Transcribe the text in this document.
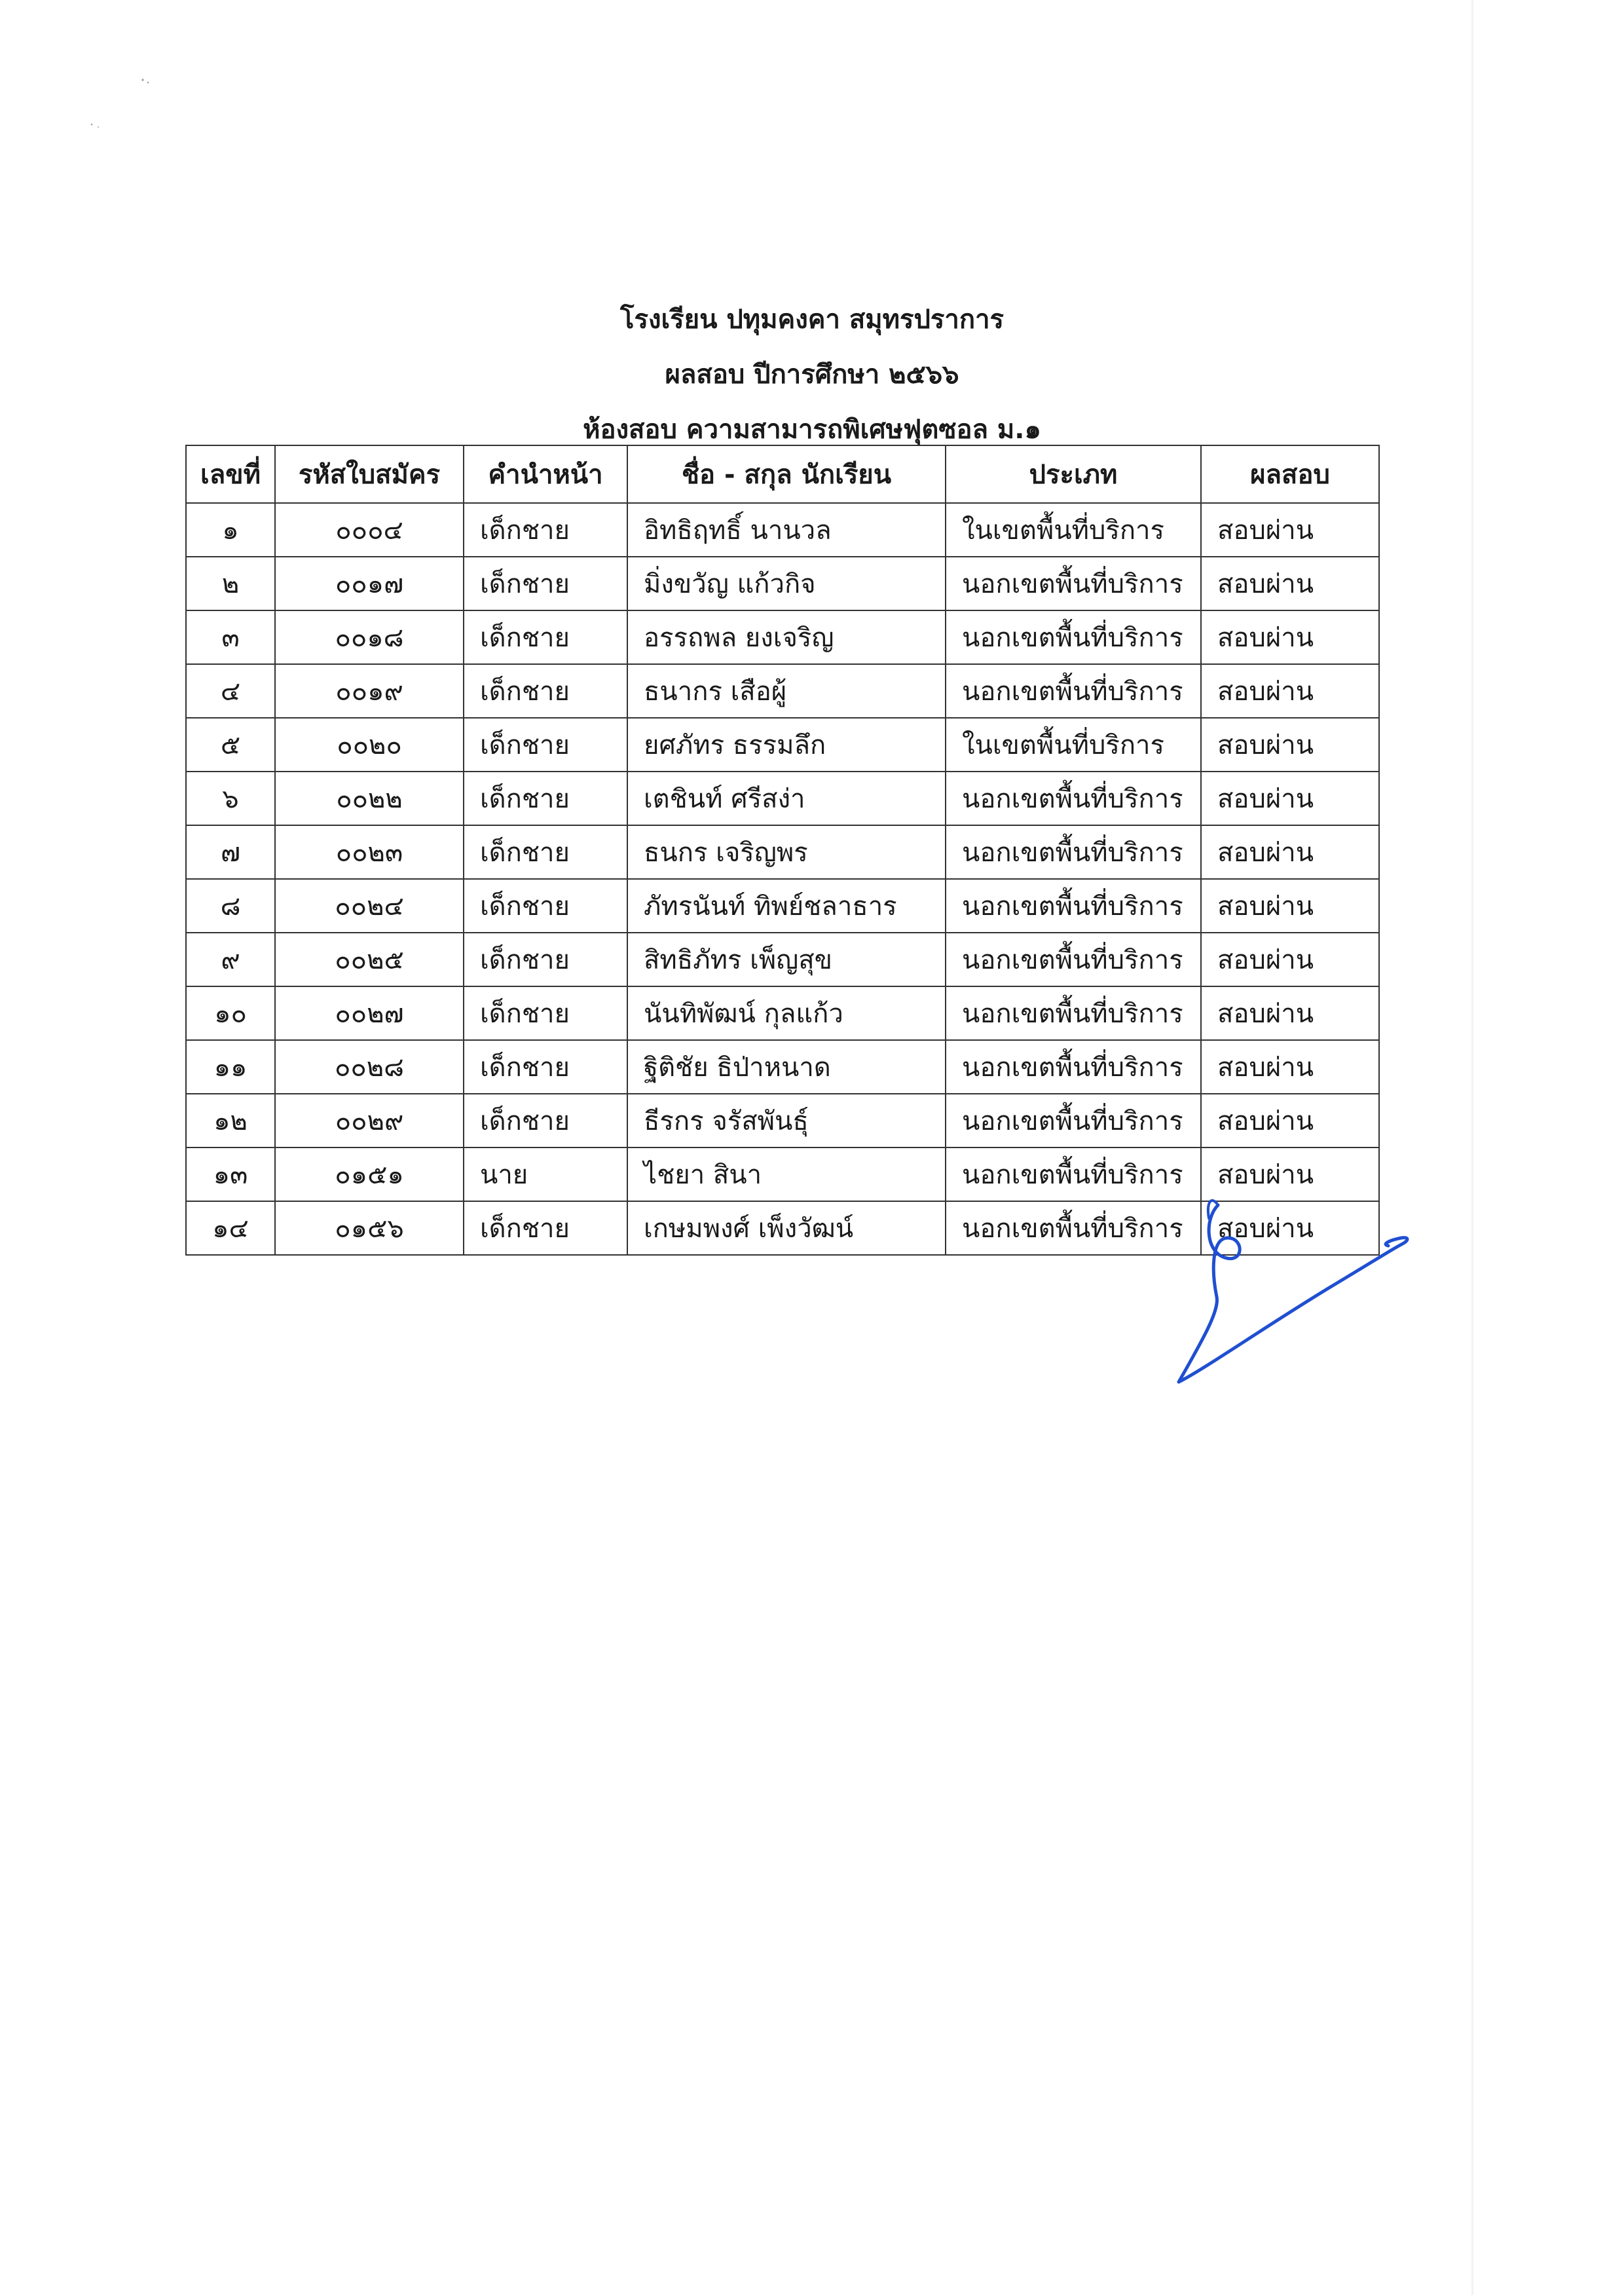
โรงเรียน ปทุมคงคา สมุทรปราการ
ผลสอบ ปีการศึกษา ๒๕๖๖
ห้องสอบ ความสามารถพิเศษฟุตซอล ม.๑
เลขที่	รหัสใบสมัคร	คำนำหน้า	ชื่อ - สกุล นักเรียน	ประเภท	ผลสอบ
๑	๐๐๐๔	เด็กชาย	อิทธิฤทธิ์ นานวล	ในเขตพื้นที่บริการ	สอบผ่าน
๒	๐๐๑๗	เด็กชาย	มิ่งขวัญ แก้วกิจ	นอกเขตพื้นที่บริการ	สอบผ่าน
๓	๐๐๑๘	เด็กชาย	อรรถพล ยงเจริญ	นอกเขตพื้นที่บริการ	สอบผ่าน
๔	๐๐๑๙	เด็กชาย	ธนากร เสือผู้	นอกเขตพื้นที่บริการ	สอบผ่าน
๕	๐๐๒๐	เด็กชาย	ยศภัทร ธรรมลึก	ในเขตพื้นที่บริการ	สอบผ่าน
๖	๐๐๒๒	เด็กชาย	เตชินท์ ศรีสง่า	นอกเขตพื้นที่บริการ	สอบผ่าน
๗	๐๐๒๓	เด็กชาย	ธนกร เจริญพร	นอกเขตพื้นที่บริการ	สอบผ่าน
๘	๐๐๒๔	เด็กชาย	ภัทรนันท์ ทิพย์ชลาธาร	นอกเขตพื้นที่บริการ	สอบผ่าน
๙	๐๐๒๕	เด็กชาย	สิทธิภัทร เพ็ญสุข	นอกเขตพื้นที่บริการ	สอบผ่าน
๑๐	๐๐๒๗	เด็กชาย	นันทิพัฒน์ กุลแก้ว	นอกเขตพื้นที่บริการ	สอบผ่าน
๑๑	๐๐๒๘	เด็กชาย	ฐิติชัย ธิป่าหนาด	นอกเขตพื้นที่บริการ	สอบผ่าน
๑๒	๐๐๒๙	เด็กชาย	ธีรกร จรัสพันธุ์	นอกเขตพื้นที่บริการ	สอบผ่าน
๑๓	๐๑๕๑	นาย	ไชยา สินา	นอกเขตพื้นที่บริการ	สอบผ่าน
๑๔	๐๑๕๖	เด็กชาย	เกษมพงศ์ เพ็งวัฒน์	นอกเขตพื้นที่บริการ	สอบผ่าน
